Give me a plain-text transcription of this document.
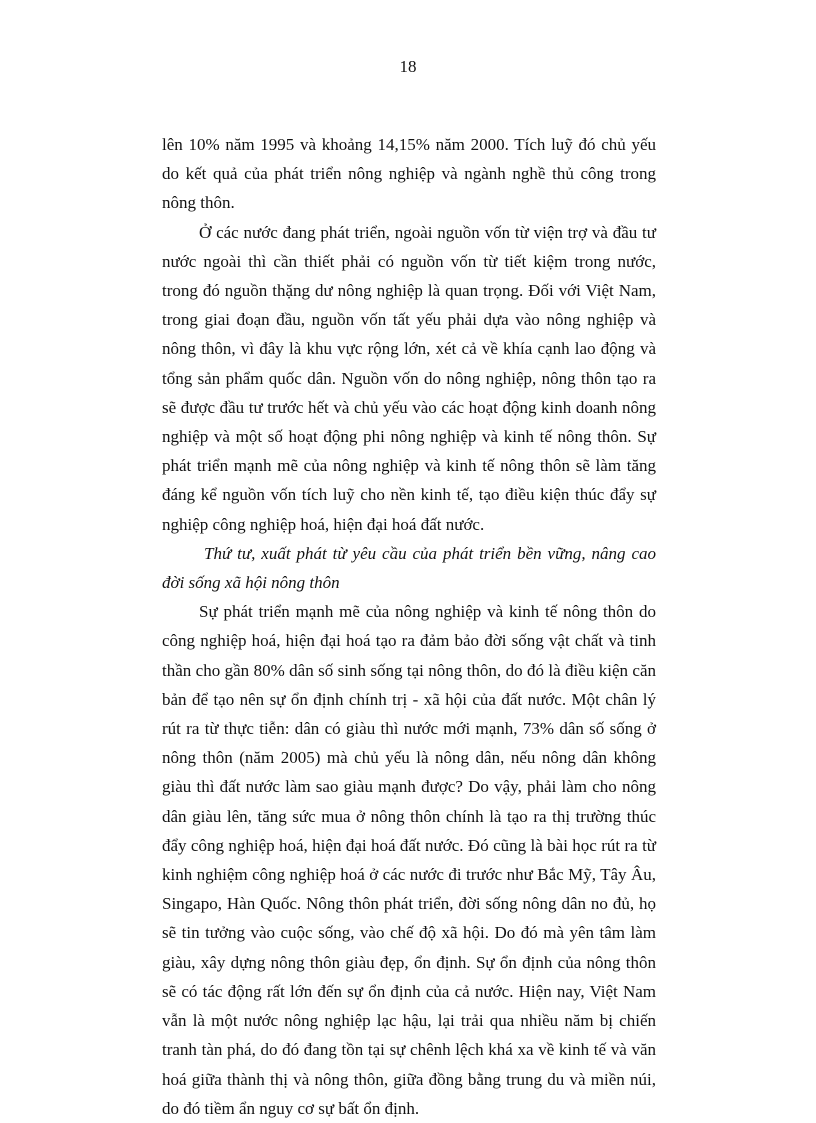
18

lên 10% năm 1995 và khoảng 14,15% năm 2000. Tích luỹ đó chủ yếu do kết quả của phát triển nông nghiệp và ngành nghề thủ công trong nông thôn.

Ở các nước đang phát triển, ngoài nguồn vốn từ viện trợ và đầu tư nước ngoài thì cần thiết phải có nguồn vốn từ tiết kiệm trong nước, trong đó nguồn thặng dư nông nghiệp là quan trọng. Đối với Việt Nam, trong giai đoạn đầu, nguồn vốn tất yếu phải dựa vào nông nghiệp và nông thôn, vì đây là khu vực rộng lớn, xét cả về khía cạnh lao động và tổng sản phẩm quốc dân. Nguồn vốn do nông nghiệp, nông thôn tạo ra sẽ được đầu tư trước hết và chủ yếu vào các hoạt động kinh doanh nông nghiệp và một số hoạt động phi nông nghiệp và kinh tế nông thôn. Sự phát triển mạnh mẽ của nông nghiệp và kinh tế nông thôn sẽ làm tăng đáng kể nguồn vốn tích luỹ cho nền kinh tế, tạo điều kiện thúc đẩy sự nghiệp công nghiệp hoá, hiện đại hoá đất nước.

Thứ tư, xuất phát từ yêu cầu của phát triển bền vững, nâng cao đời sống xã hội nông thôn

Sự phát triển mạnh mẽ của nông nghiệp và kinh tế nông thôn do công nghiệp hoá, hiện đại hoá tạo ra đảm bảo đời sống vật chất và tinh thần cho gần 80% dân số sinh sống tại nông thôn, do đó là điều kiện căn bản để tạo nên sự ổn định chính trị - xã hội của đất nước. Một chân lý rút ra từ thực tiễn: dân có giàu thì nước mới mạnh, 73% dân số sống ở nông thôn (năm 2005) mà chủ yếu là nông dân, nếu nông dân không giàu thì đất nước làm sao giàu mạnh được? Do vậy, phải làm cho nông dân giàu lên, tăng sức mua ở nông thôn chính là tạo ra thị trường thúc đẩy công nghiệp hoá, hiện đại hoá đất nước. Đó cũng là bài học rút ra từ kinh nghiệm công nghiệp hoá ở các nước đi trước như Bắc Mỹ, Tây Âu, Singapo, Hàn Quốc. Nông thôn phát triển, đời sống nông dân no đủ, họ sẽ tin tưởng vào cuộc sống, vào chế độ xã hội. Do đó mà yên tâm làm giàu, xây dựng nông thôn giàu đẹp, ổn định. Sự ổn định của nông thôn sẽ có tác động rất lớn đến sự ổn định của cả nước. Hiện nay, Việt Nam vẫn là một nước nông nghiệp lạc hậu, lại trải qua nhiều năm bị chiến tranh tàn phá, do đó đang tồn tại sự chênh lệch khá xa về kinh tế và văn hoá giữa thành thị và nông thôn, giữa đồng bằng trung du và miền núi, do đó tiềm ẩn nguy cơ sự bất ổn định.
